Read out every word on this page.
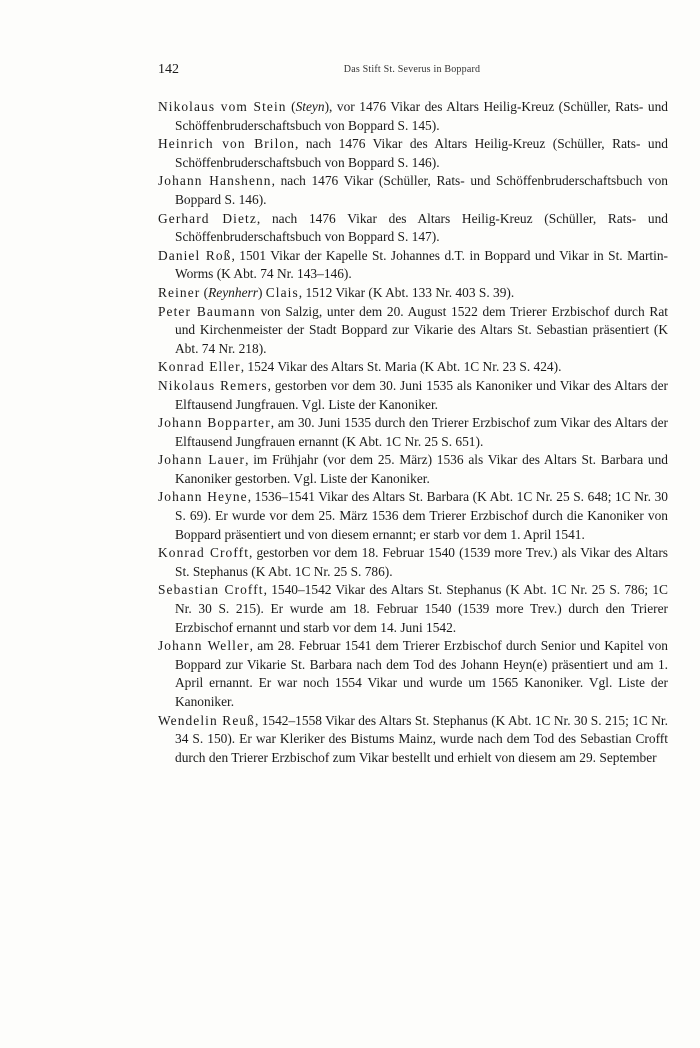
142	Das Stift St. Severus in Boppard

Nikolaus vom Stein (Steyn), vor 1476 Vikar des Altars Heilig-Kreuz (Schüller, Rats- und Schöffenbruderschaftsbuch von Boppard S. 145).

Heinrich von Brilon, nach 1476 Vikar des Altars Heilig-Kreuz (Schüller, Rats- und Schöffenbruderschaftsbuch von Boppard S. 146).

Johann Hanshenn, nach 1476 Vikar (Schüller, Rats- und Schöffenbruderschaftsbuch von Boppard S. 146).

Gerhard Dietz, nach 1476 Vikar des Altars Heilig-Kreuz (Schüller, Rats- und Schöffenbruderschaftsbuch von Boppard S. 147).

Daniel Roß, 1501 Vikar der Kapelle St. Johannes d.T. in Boppard und Vikar in St. Martin-Worms (K Abt. 74 Nr. 143–146).

Reiner (Reynherr) Clais, 1512 Vikar (K Abt. 133 Nr. 403 S. 39).

Peter Baumann von Salzig, unter dem 20. August 1522 dem Trierer Erzbischof durch Rat und Kirchenmeister der Stadt Boppard zur Vikarie des Altars St. Sebastian präsentiert (K Abt. 74 Nr. 218).

Konrad Eller, 1524 Vikar des Altars St. Maria (K Abt. 1C Nr. 23 S. 424).

Nikolaus Remers, gestorben vor dem 30. Juni 1535 als Kanoniker und Vikar des Altars der Elftausend Jungfrauen. Vgl. Liste der Kanoniker.

Johann Bopparter, am 30. Juni 1535 durch den Trierer Erzbischof zum Vikar des Altars der Elftausend Jungfrauen ernannt (K Abt. 1C Nr. 25 S. 651).

Johann Lauer, im Frühjahr (vor dem 25. März) 1536 als Vikar des Altars St. Barbara und Kanoniker gestorben. Vgl. Liste der Kanoniker.

Johann Heyne, 1536–1541 Vikar des Altars St. Barbara (K Abt. 1C Nr. 25 S. 648; 1C Nr. 30 S. 69). Er wurde vor dem 25. März 1536 dem Trierer Erzbischof durch die Kanoniker von Boppard präsentiert und von diesem ernannt; er starb vor dem 1. April 1541.

Konrad Crofft, gestorben vor dem 18. Februar 1540 (1539 more Trev.) als Vikar des Altars St. Stephanus (K Abt. 1C Nr. 25 S. 786).

Sebastian Crofft, 1540–1542 Vikar des Altars St. Stephanus (K Abt. 1C Nr. 25 S. 786; 1C Nr. 30 S. 215). Er wurde am 18. Februar 1540 (1539 more Trev.) durch den Trierer Erzbischof ernannt und starb vor dem 14. Juni 1542.

Johann Weller, am 28. Februar 1541 dem Trierer Erzbischof durch Senior und Kapitel von Boppard zur Vikarie St. Barbara nach dem Tod des Johann Heyn(e) präsentiert und am 1. April ernannt. Er war noch 1554 Vikar und wurde um 1565 Kanoniker. Vgl. Liste der Kanoniker.

Wendelin Reuß, 1542–1558 Vikar des Altars St. Stephanus (K Abt. 1C Nr. 30 S. 215; 1C Nr. 34 S. 150). Er war Kleriker des Bistums Mainz, wurde nach dem Tod des Sebastian Crofft durch den Trierer Erzbischof zum Vikar bestellt und erhielt von diesem am 29. September
